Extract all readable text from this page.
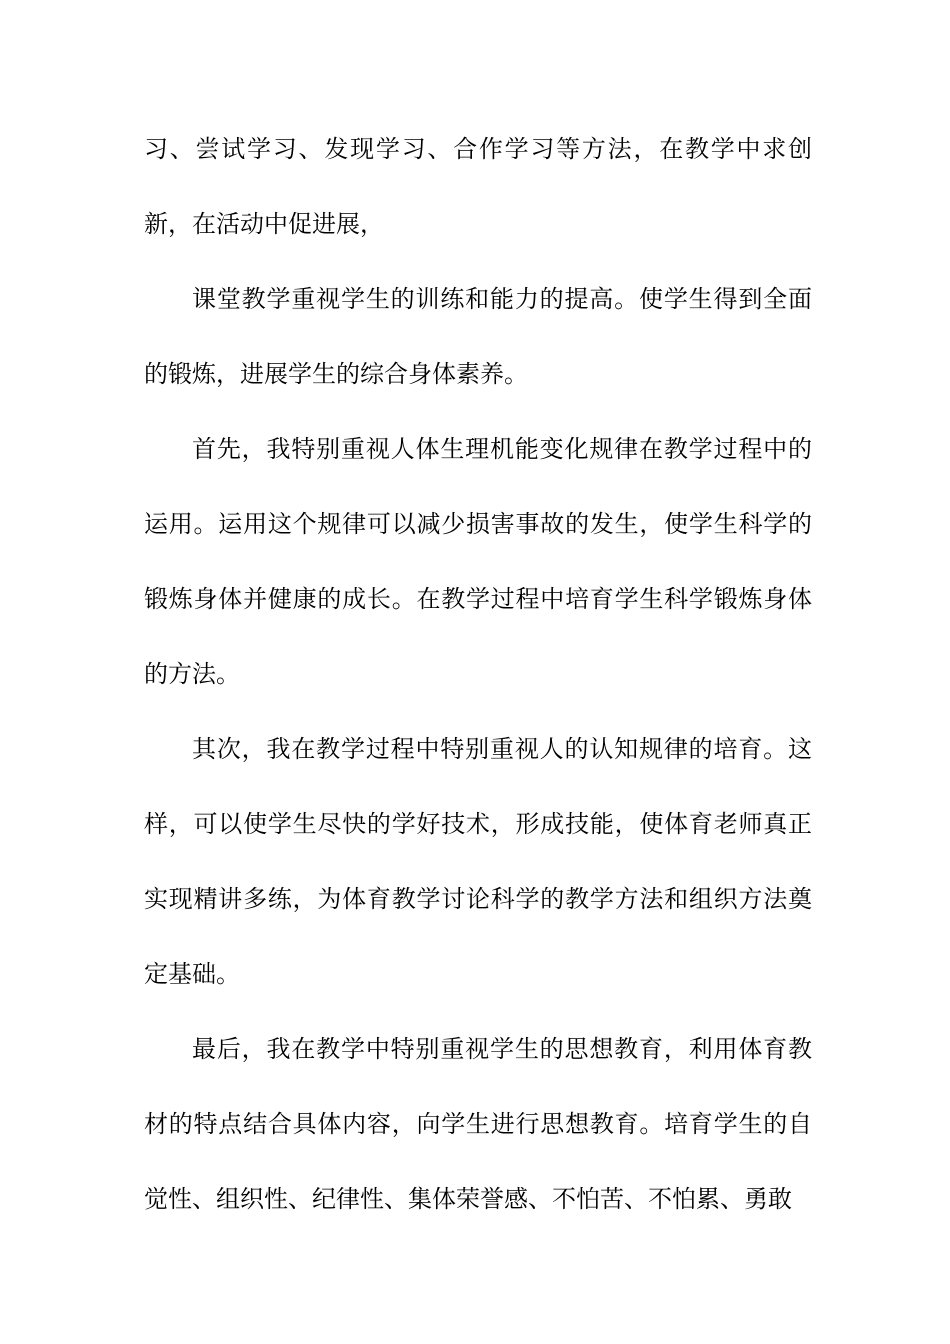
习、尝试学习、发现学习、合作学习等方法，在教学中求创新，在活动中促进展，

课堂教学重视学生的训练和能力的提高。使学生得到全面的锻炼，进展学生的综合身体素养。

首先，我特别重视人体生理机能变化规律在教学过程中的运用。运用这个规律可以减少损害事故的发生，使学生科学的锻炼身体并健康的成长。在教学过程中培育学生科学锻炼身体的方法。

其次，我在教学过程中特别重视人的认知规律的培育。这样，可以使学生尽快的学好技术，形成技能，使体育老师真正实现精讲多练，为体育教学讨论科学的教学方法和组织方法奠定基础。

最后，我在教学中特别重视学生的思想教育，利用体育教材的特点结合具体内容，向学生进行思想教育。培育学生的自觉性、组织性、纪律性、集体荣誉感、不怕苦、不怕累、勇敢
